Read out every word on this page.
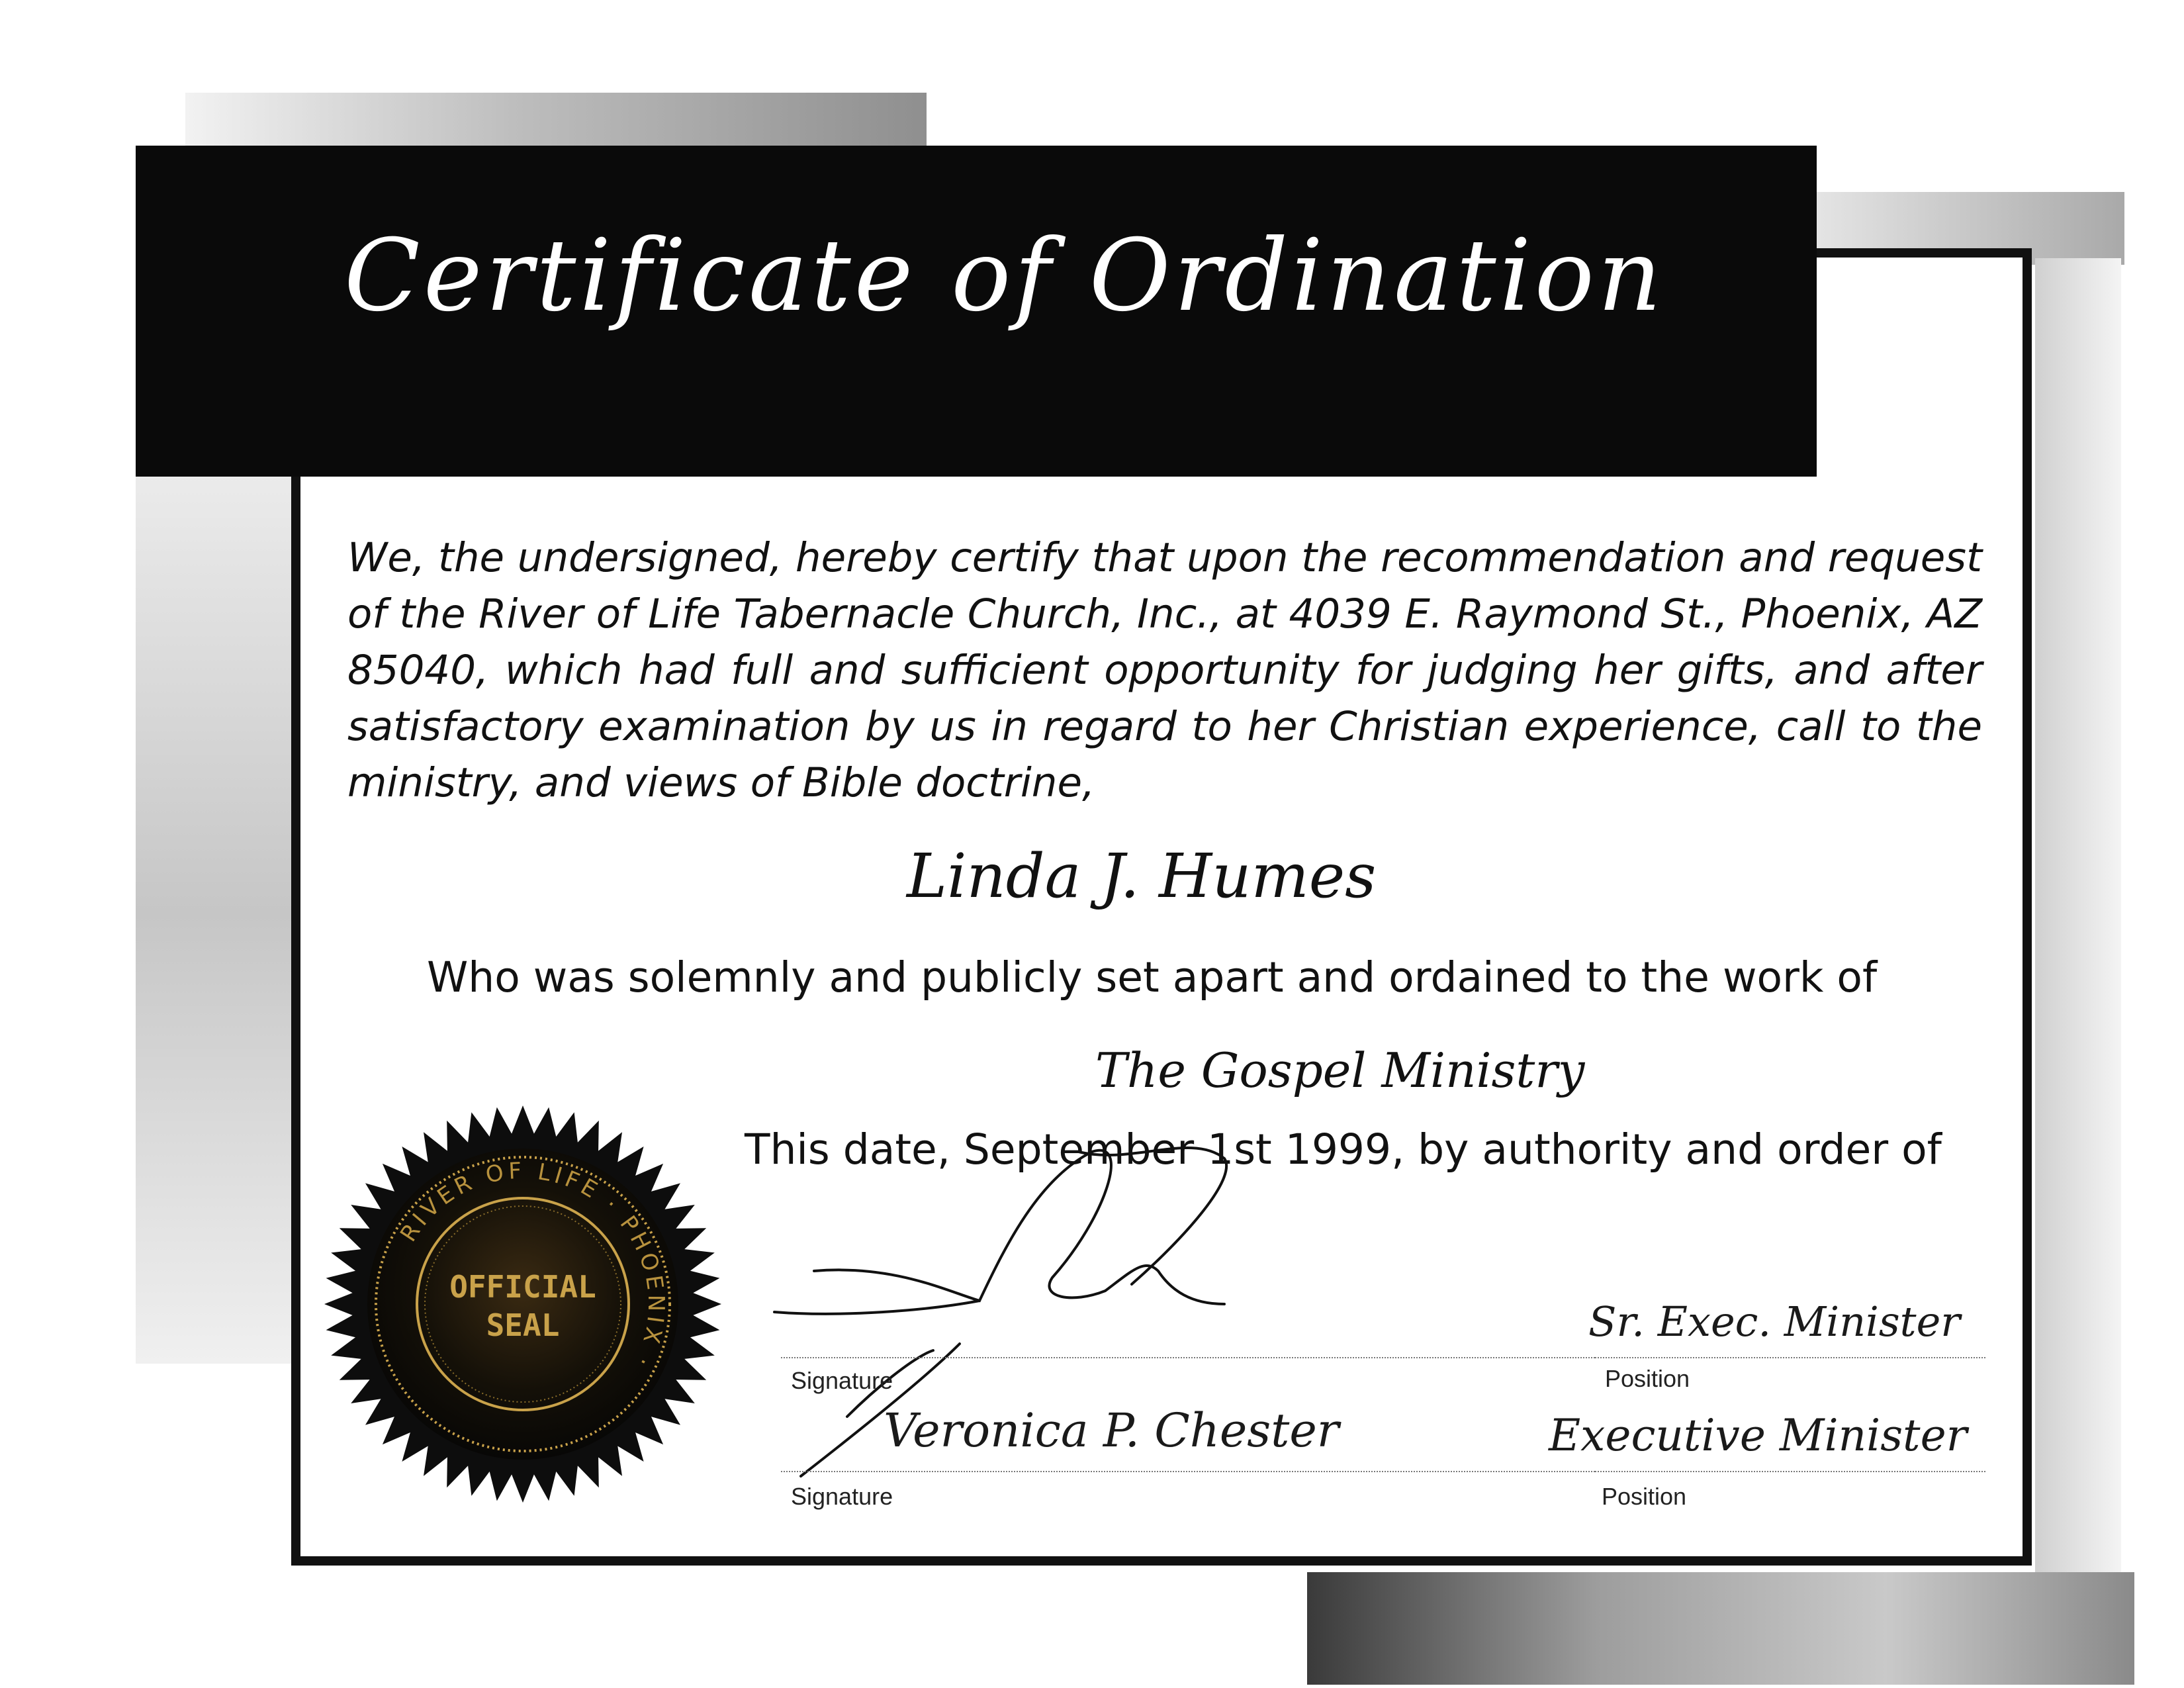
Certificate of Ordination
We, the undersigned, hereby certify that upon the recommendation and request of the River of Life Tabernacle Church, Inc., at 4039 E. Raymond St., Phoenix, AZ 85040, which had full and sufficient opportunity for judging her gifts, and after satisfactory examination by us in regard to her Christian experience, call to the ministry, and views of Bible doctrine,
Linda J. Humes
Who was solemnly and publicly set apart and ordained to the work of
The Gospel Ministry
This date, September 1st 1999, by authority and order of
OFFICIAL
SEAL
RIVER OF LIFE · PHOENIX ·
Signature
Sr. Exec. Minister
Position
Veronica P. Chester
Signature
Executive Minister
Position
